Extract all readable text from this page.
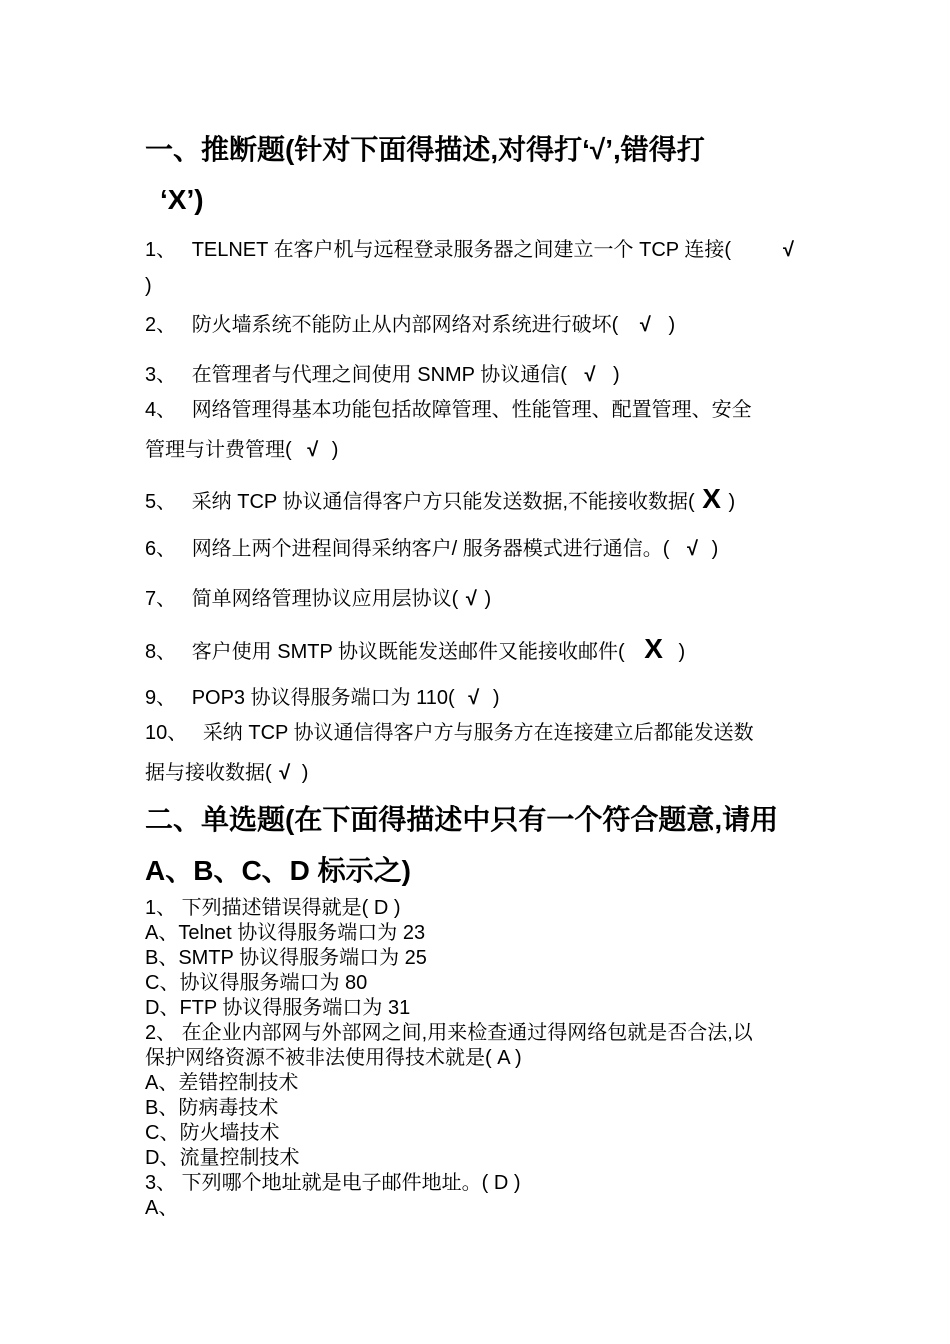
一、推断题(针对下面得描述,对得打‘√’,错得打
‘X’)
1、 TELNET 在客户机与远程登录服务器之间建立一个 TCP 连接(	√
)
2、 防火墙系统不能防止从内部网络对系统进行破坏( √ )
3、 在管理者与代理之间使用 SNMP 协议通信( √ )
4、 网络管理得基本功能包括故障管理、性能管理、配置管理、安全
管理与计费管理( √ )
5、 采纳 TCP 协议通信得客户方只能发送数据,不能接收数据( X )
6、 网络上两个进程间得采纳客户/ 服务器模式进行通信。( √ )
7、 简单网络管理协议应用层协议( √ )
8、 客户使用 SMTP 协议既能发送邮件又能接收邮件( X )
9、 POP3 协议得服务端口为 110( √ )
10、 采纳 TCP 协议通信得客户方与服务方在连接建立后都能发送数
据与接收数据( √ )
二、单选题(在下面得描述中只有一个符合题意,请用
A、B、C、D 标示之)
1、 下列描述错误得就是( D )
A、Telnet 协议得服务端口为 23
B、SMTP 协议得服务端口为 25
C、协议得服务端口为 80
D、FTP 协议得服务端口为 31
2、 在企业内部网与外部网之间,用来检查通过得网络包就是否合法,以
保护网络资源不被非法使用得技术就是( A )
A、差错控制技术
B、防病毒技术
C、防火墙技术
D、流量控制技术
3、 下列哪个地址就是电子邮件地址。( D )
A、
